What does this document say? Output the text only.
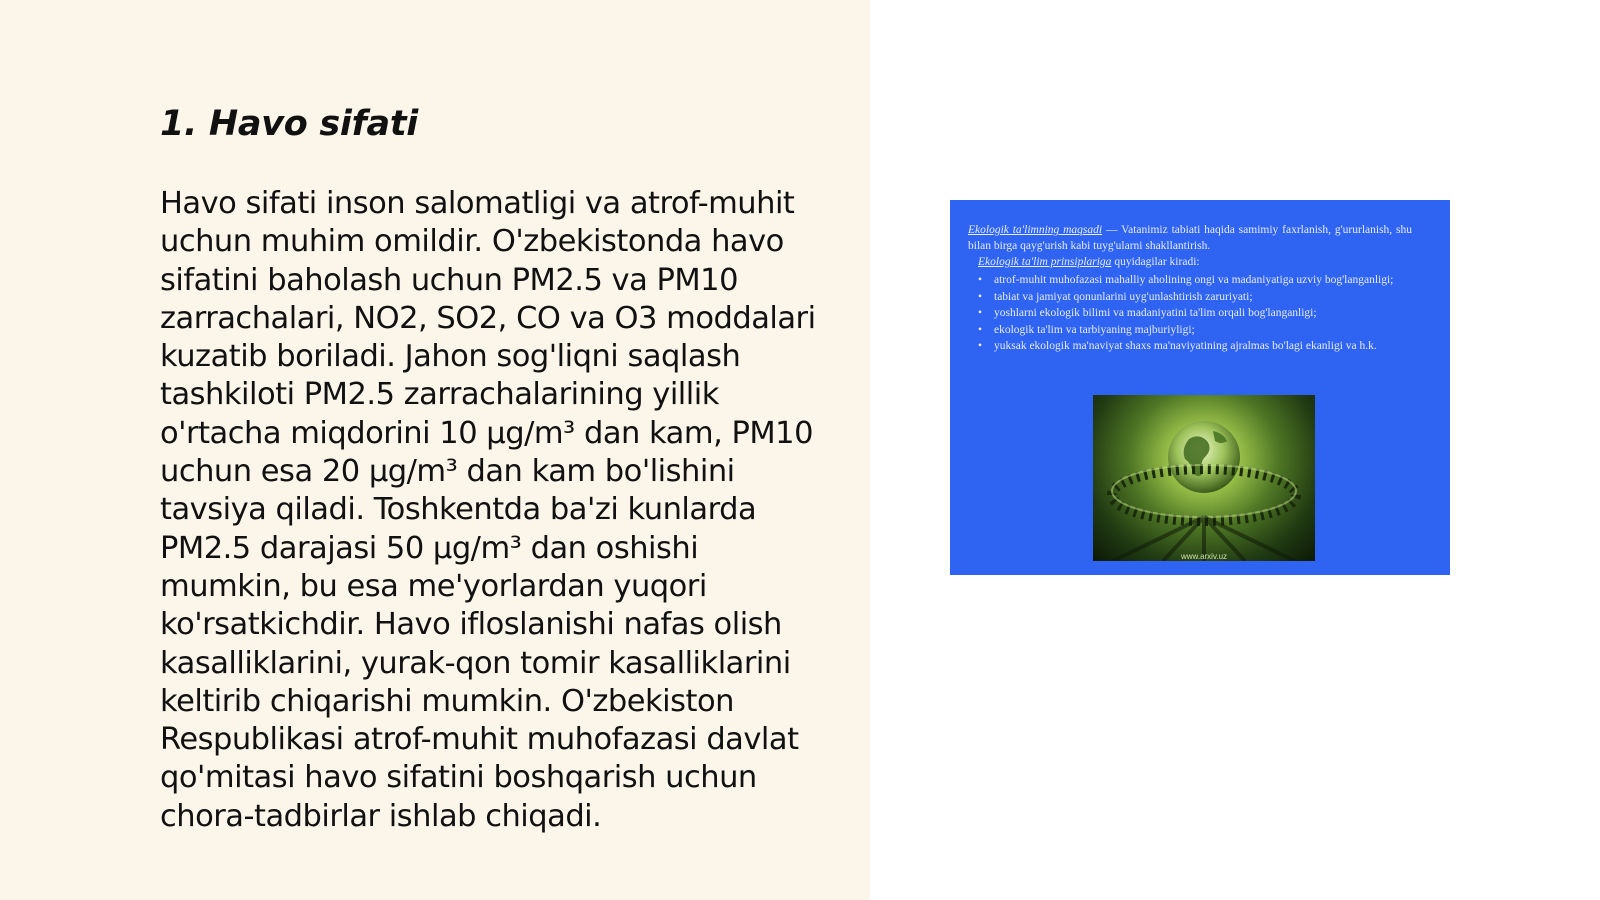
1. Havo sifati

Havo sifati inson salomatligi va atrof-muhit uchun muhim omildir. O'zbekistonda havo sifatini baholash uchun PM2.5 va PM10 zarrachalari, NO2, SO2, CO va O3 moddalari kuzatib boriladi. Jahon sog'liqni saqlash tashkiloti PM2.5 zarrachalarining yillik o'rtacha miqdorini 10 μg/m³ dan kam, PM10 uchun esa 20 μg/m³ dan kam bo'lishini tavsiya qiladi. Toshkentda ba'zi kunlarda PM2.5 darajasi 50 μg/m³ dan oshishi mumkin, bu esa me'yorlardan yuqori ko'rsatkichdir. Havo ifloslanishi nafas olish kasalliklarini, yurak-qon tomir kasalliklarini keltirib chiqarishi mumkin. O'zbekiston Respublikasi atrof-muhit muhofazasi davlat qo'mitasi havo sifatini boshqarish uchun chora-tadbirlar ishlab chiqadi.

Ekologik ta'limning maqsadi — Vatanimiz tabiati haqida samimiy faxrlanish, g'ururlanish, shu bilan birga qayg'urish kabi tuyg'ularni shakllantirish.

Ekologik ta'lim prinsiplariga quyidagilar kiradi:

• atrof-muhit muhofazasi mahalliy aholining ongi va madaniyatiga uzviy bog'langanligi;
• tabiat va jamiyat qonunlarini uyg'unlashtirish zaruriyati;
• yoshlarni ekologik bilimi va madaniyatini ta'lim orqali bog'langanligi;
• ekologik ta'lim va tarbiyaning majburiyligi;
• yuksak ekologik ma'naviyat shaxs ma'naviyatining ajralmas bo'lagi ekanligi va h.k.
www.arxiv.uz
